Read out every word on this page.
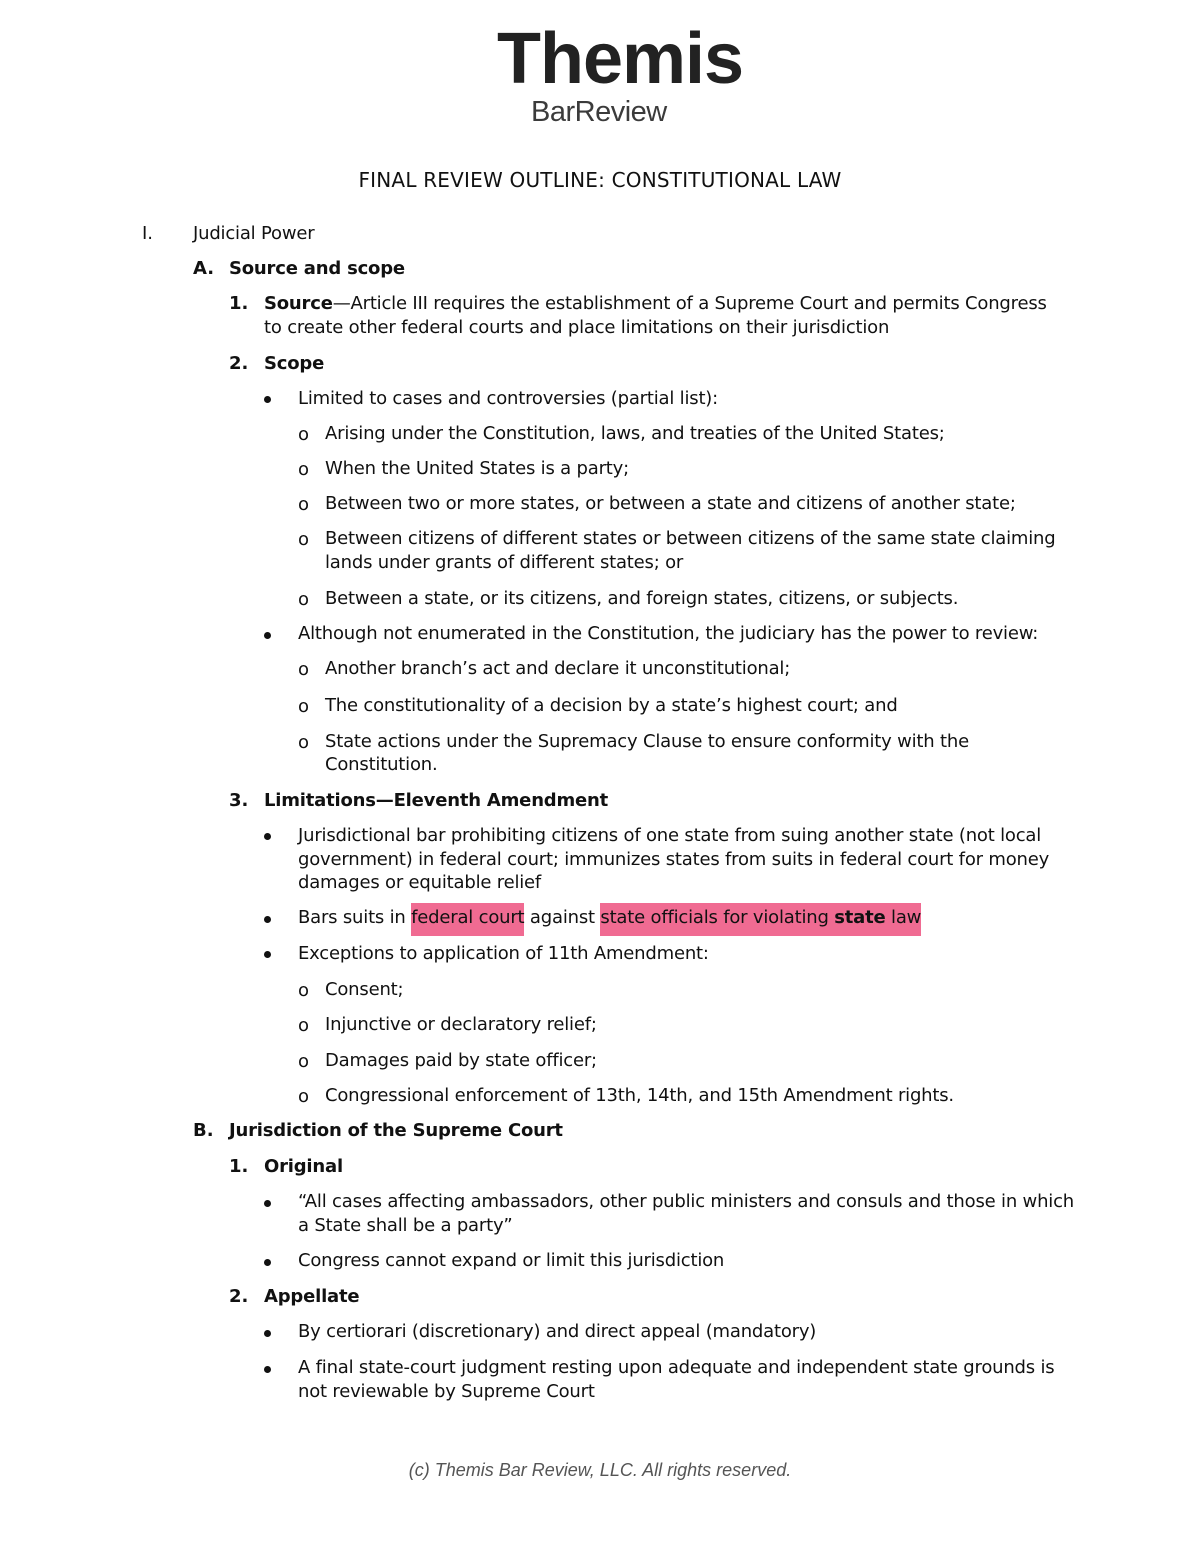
Themis
BarReview
FINAL REVIEW OUTLINE: CONSTITUTIONAL LAW
I. Judicial Power
A. Source and scope
1. Source—Article III requires the establishment of a Supreme Court and permits Congress
to create other federal courts and place limitations on their jurisdiction
2. Scope
Limited to cases and controversies (partial list):
o Arising under the Constitution, laws, and treaties of the United States;
o When the United States is a party;
o Between two or more states, or between a state and citizens of another state;
o Between citizens of different states or between citizens of the same state claiming
lands under grants of different states; or
o Between a state, or its citizens, and foreign states, citizens, or subjects.
Although not enumerated in the Constitution, the judiciary has the power to review:
o Another branch’s act and declare it unconstitutional;
o The constitutionality of a decision by a state’s highest court; and
o State actions under the Supremacy Clause to ensure conformity with the
Constitution.
3. Limitations—Eleventh Amendment
Jurisdictional bar prohibiting citizens of one state from suing another state (not local
government) in federal court; immunizes states from suits in federal court for money
damages or equitable relief
Bars suits in federal court against state officials for violating state law
Exceptions to application of 11th Amendment:
o Consent;
o Injunctive or declaratory relief;
o Damages paid by state officer;
o Congressional enforcement of 13th, 14th, and 15th Amendment rights.
B. Jurisdiction of the Supreme Court
1. Original
“All cases affecting ambassadors, other public ministers and consuls and those in which
a State shall be a party”
Congress cannot expand or limit this jurisdiction
2. Appellate
By certiorari (discretionary) and direct appeal (mandatory)
A final state-court judgment resting upon adequate and independent state grounds is
not reviewable by Supreme Court
(c) Themis Bar Review, LLC. All rights reserved.
